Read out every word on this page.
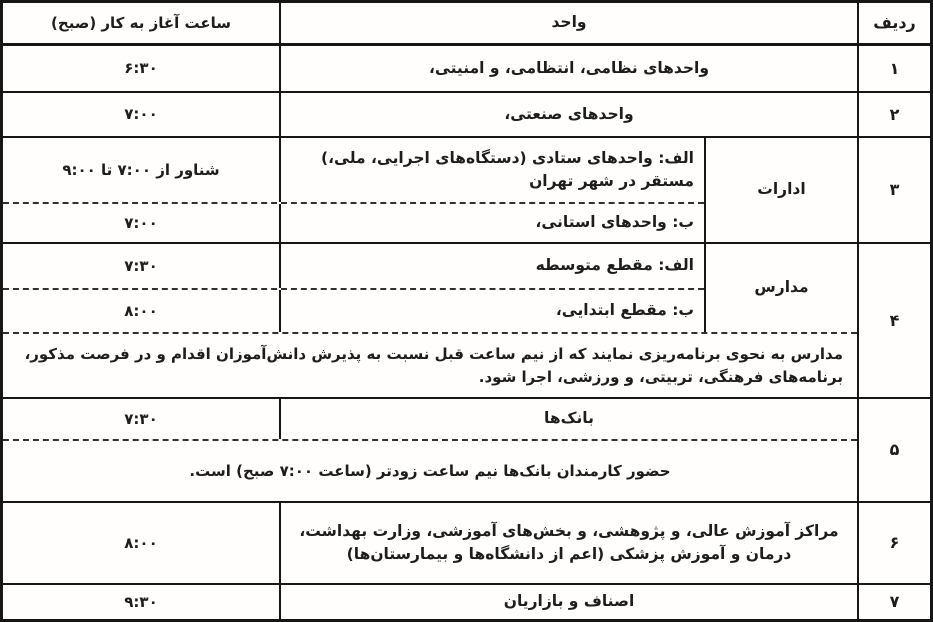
ردیف
واحد
ساعت آغاز به کار (صبح)
۱
واحدهای نظامی، انتظامی، و امنیتی،
۶:۳۰
۲
واحدهای صنعتی،
۷:۰۰
۳
ادارات
الف: واحدهای ستادی (دستگاه‌های اجرایی، ملی،) مستقر در شهر تهران
شناور از ۷:۰۰ تا ۹:۰۰
ب: واحدهای استانی،
۷:۰۰
۴
مدارس
الف: مقطع متوسطه
۷:۳۰
ب: مقطع ابتدایی،
۸:۰۰
مدارس به نحوی برنامه‌ریزی نمایند که از نیم ساعت قبل نسبت به پذیرش دانش‌آموزان اقدام و در فرصت مذکور، برنامه‌های فرهنگی، تربیتی، و ورزشی، اجرا شود.
۵
بانک‌ها
۷:۳۰
حضور کارمندان بانک‌ها نیم ساعت زودتر (ساعت ۷:۰۰ صبح) است.
۶
مراکز آموزش عالی، و پژوهشی، و بخش‌های آموزشی، وزارت بهداشت، درمان و آموزش پزشکی (اعم از دانشگاه‌ها و بیمارستان‌ها)
۸:۰۰
۷
اصناف و بازاریان
۹:۳۰
